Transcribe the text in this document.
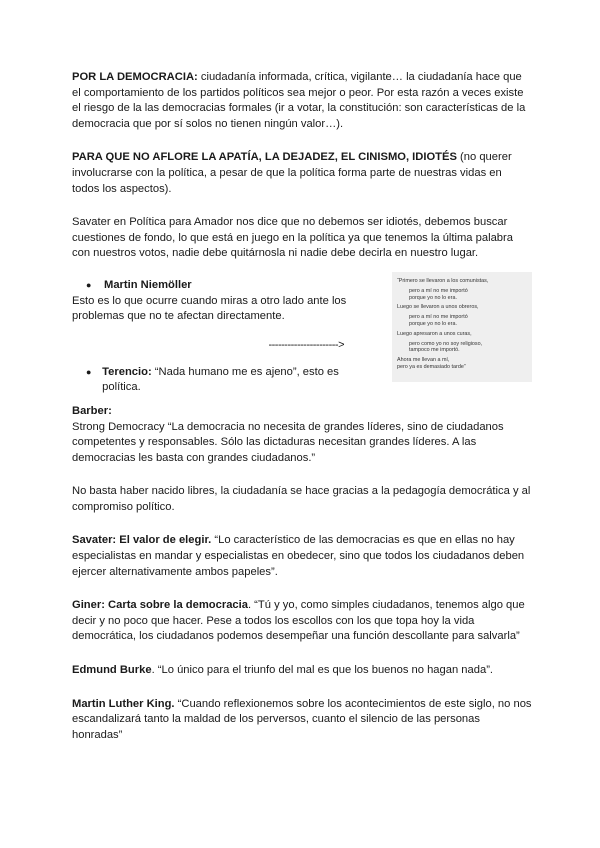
POR LA DEMOCRACIA: ciudadanía informada, crítica, vigilante… la ciudadanía hace que el comportamiento de los partidos políticos sea mejor o peor. Por esta razón a veces existe el riesgo de la las democracias formales (ir a votar, la constitución: son características de la democracia que por sí solos no tienen ningún valor…).

PARA QUE NO AFLORE LA APATÍA, LA DEJADEZ, EL CINISMO, IDIOTÉS (no querer involucrarse con la política, a pesar de que la política forma parte de nuestras vidas en todos los aspectos).

Savater en Política para Amador nos dice que no debemos ser idiotés, debemos buscar cuestiones de fondo, lo que está en juego en la política ya que tenemos la última palabra con nuestros votos, nadie debe quitárnosla ni nadie debe decirla en nuestro lugar.

●	Martin Niemöller

Esto es lo que ocurre cuando miras a otro lado ante los problemas que no te afectan directamente.

---------------------->
● Terencio: “Nada humano me es ajeno”, esto es política.

“Primero se llevaron a los comunistas,
pero a mí no me importó
porque yo no lo era.
Luego se llevaron a unos obreros,
pero a mí no me importó
porque yo no lo era.
Luego apresaron a unos curas,
pero como yo no soy religioso,
tampoco me importó.
Ahora me llevan a mí,
pero ya es demasiado tarde”

Barber:

Strong Democracy “La democracia no necesita de grandes líderes, sino de ciudadanos competentes y responsables. Sólo las dictaduras necesitan grandes líderes. A las democracias les basta con grandes ciudadanos.”

No basta haber nacido libres, la ciudadanía se hace gracias a la pedagogía democrática y al compromiso político.

Savater: El valor de elegir. “Lo característico de las democracias es que en ellas no hay especialistas en mandar y especialistas en obedecer, sino que todos los ciudadanos deben ejercer alternativamente ambos papeles”.

Giner: Carta sobre la democracia. “Tú y yo, como simples ciudadanos, tenemos algo que decir y no poco que hacer. Pese a todos los escollos con los que topa hoy la vida democrática, los ciudadanos podemos desempeñar una función descollante para salvarla”

Edmund Burke. “Lo único para el triunfo del mal es que los buenos no hagan nada”.

Martin Luther King. “Cuando reflexionemos sobre los acontecimientos de este siglo, no nos escandalizará tanto la maldad de los perversos, cuanto el silencio de las personas honradas”
